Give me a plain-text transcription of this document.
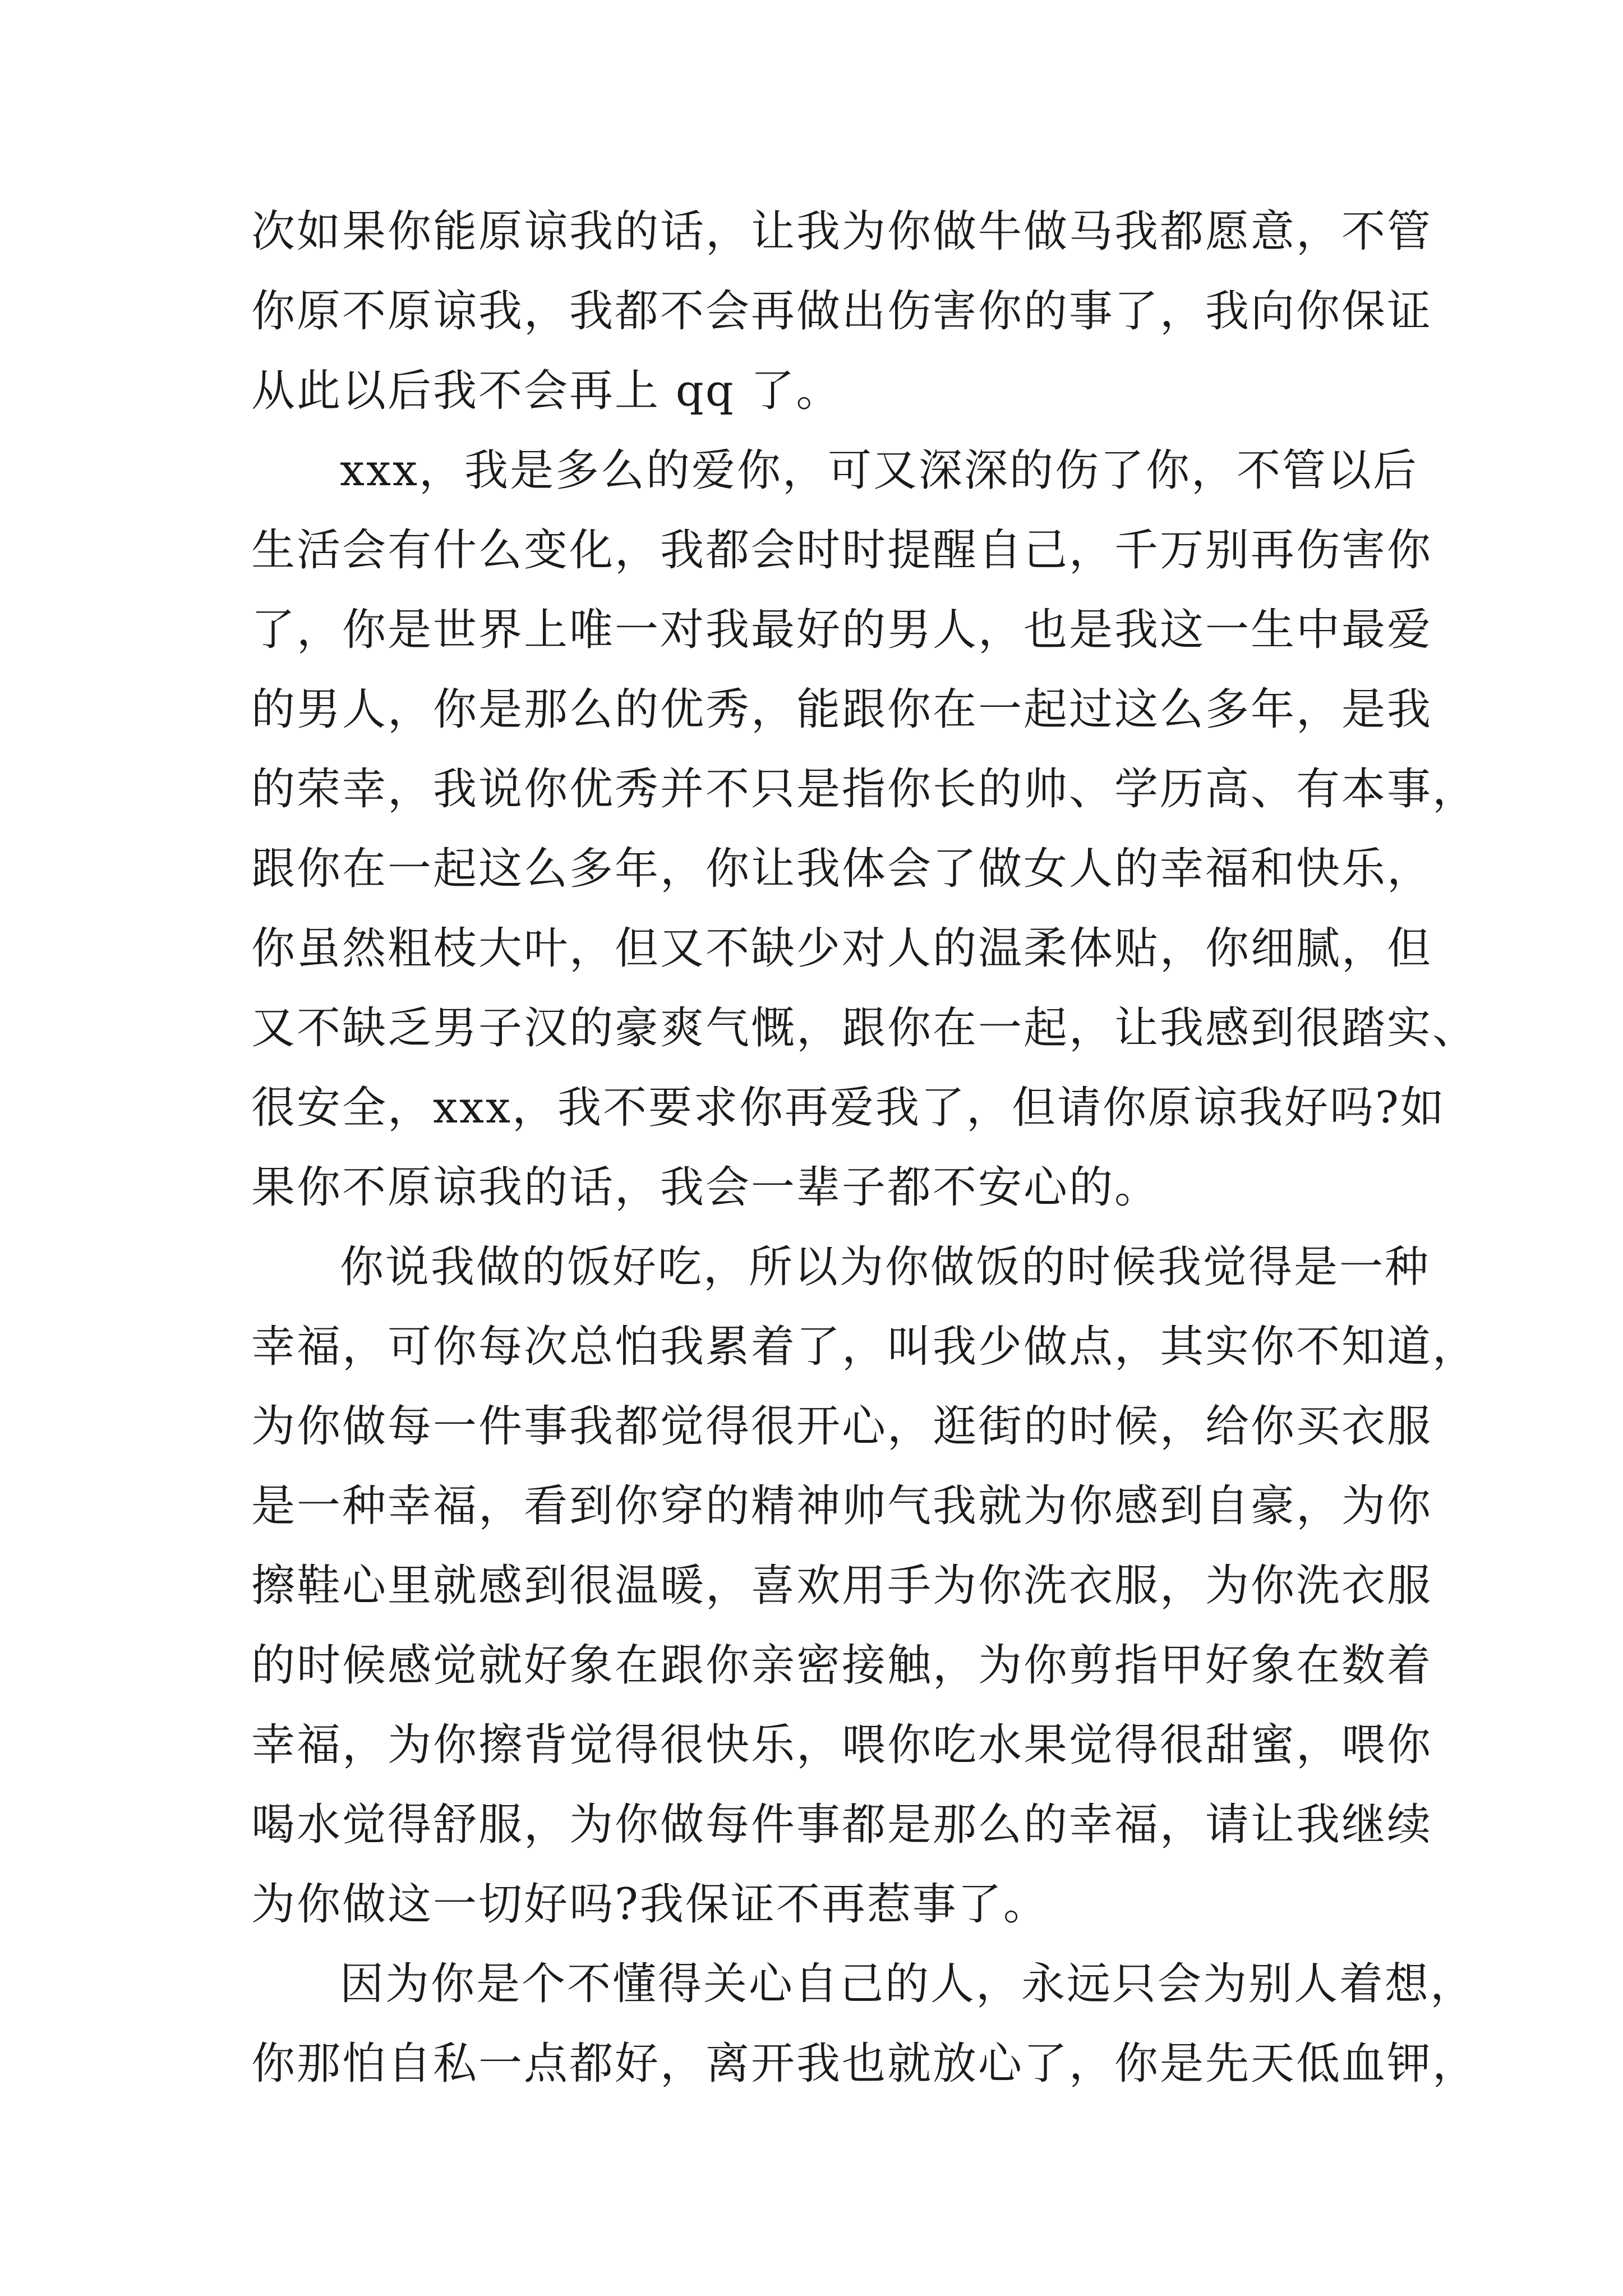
次如果你能原谅我的话，让我为你做牛做马我都愿意，不管
你原不原谅我，我都不会再做出伤害你的事了，我向你保证
从此以后我不会再上 qq 了。
xxx，我是多么的爱你，可又深深的伤了你，不管以后
生活会有什么变化，我都会时时提醒自己，千万别再伤害你
了，你是世界上唯一对我最好的男人，也是我这一生中最爱
的男人，你是那么的优秀，能跟你在一起过这么多年，是我
的荣幸，我说你优秀并不只是指你长的帅、学历高、有本事，
跟你在一起这么多年，你让我体会了做女人的幸福和快乐，
你虽然粗枝大叶，但又不缺少对人的温柔体贴，你细腻，但
又不缺乏男子汉的豪爽气慨，跟你在一起，让我感到很踏实、
很安全，xxx，我不要求你再爱我了，但请你原谅我好吗?如
果你不原谅我的话，我会一辈子都不安心的。
你说我做的饭好吃，所以为你做饭的时候我觉得是一种
幸福，可你每次总怕我累着了，叫我少做点，其实你不知道，
为你做每一件事我都觉得很开心，逛街的时候，给你买衣服
是一种幸福，看到你穿的精神帅气我就为你感到自豪，为你
擦鞋心里就感到很温暖，喜欢用手为你洗衣服，为你洗衣服
的时候感觉就好象在跟你亲密接触，为你剪指甲好象在数着
幸福，为你擦背觉得很快乐，喂你吃水果觉得很甜蜜，喂你
喝水觉得舒服，为你做每件事都是那么的幸福，请让我继续
为你做这一切好吗?我保证不再惹事了。
因为你是个不懂得关心自己的人，永远只会为别人着想，
你那怕自私一点都好，离开我也就放心了，你是先天低血钾，
